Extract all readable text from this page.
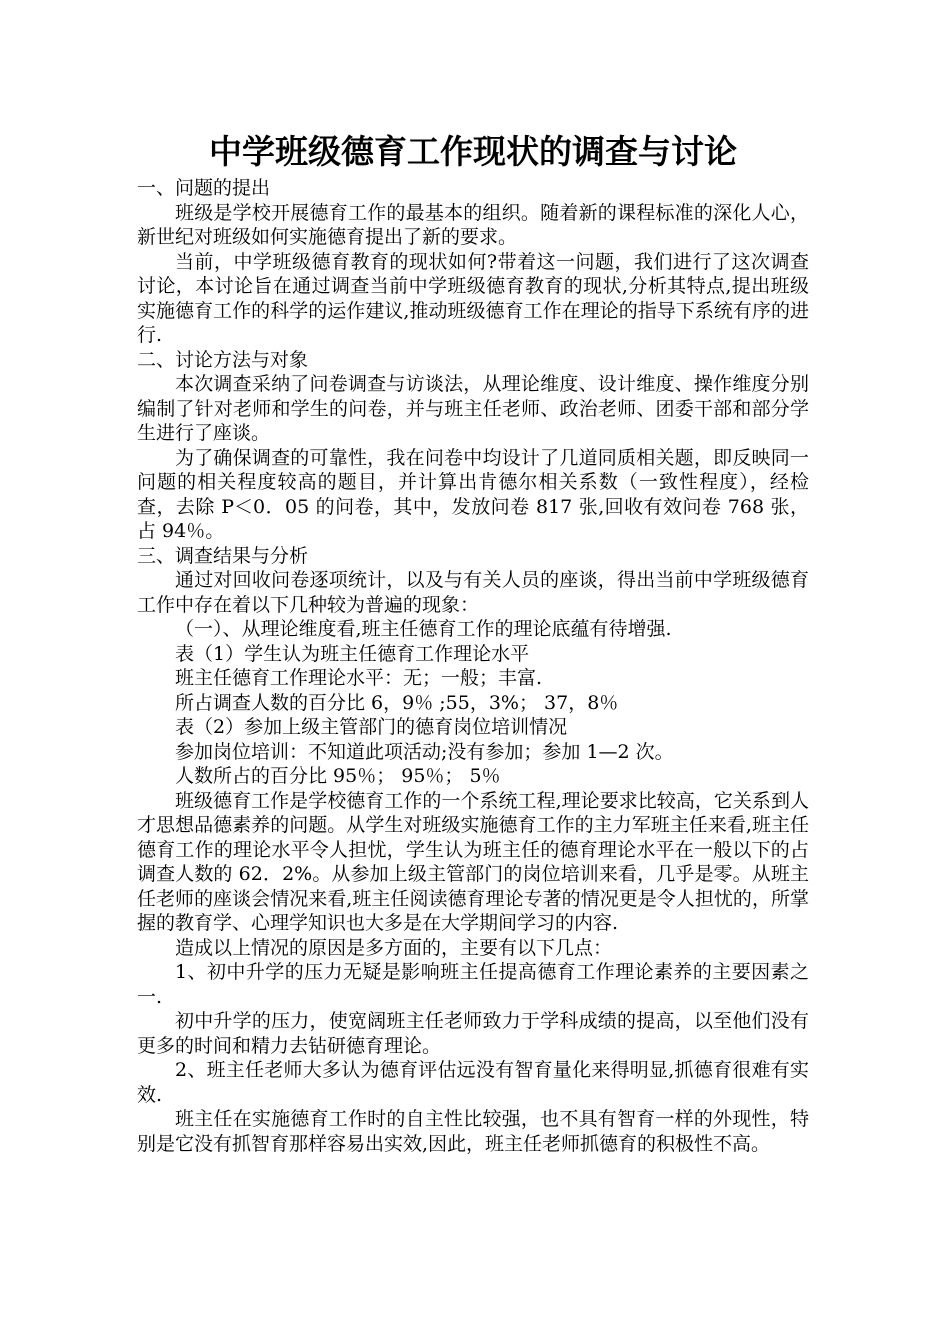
中学班级德育工作现状的调查与讨论

一、问题的提出

班级是学校开展德育工作的最基本的组织。随着新的课程标准的深化人心，新世纪对班级如何实施德育提出了新的要求。

当前，中学班级德育教育的现状如何?带着这一问题，我们进行了这次调查讨论，本讨论旨在通过调查当前中学班级德育教育的现状,分析其特点,提出班级实施德育工作的科学的运作建议,推动班级德育工作在理论的指导下系统有序的进行.

二、讨论方法与对象

本次调查采纳了问卷调查与访谈法，从理论维度、设计维度、操作维度分别编制了针对老师和学生的问卷，并与班主任老师、政治老师、团委干部和部分学生进行了座谈。

为了确保调查的可靠性，我在问卷中均设计了几道同质相关题，即反映同一问题的相关程度较高的题目，并计算出肯德尔相关系数（一致性程度），经检查，去除 P＜0．05 的问卷，其中，发放问卷 817 张,回收有效问卷 768 张，占 94％。

三、调查结果与分析

通过对回收问卷逐项统计，以及与有关人员的座谈，得出当前中学班级德育工作中存在着以下几种较为普遍的现象：

（一）、从理论维度看,班主任德育工作的理论底蕴有待增强.

表（1）学生认为班主任德育工作理论水平

班主任德育工作理论水平：无；一般；丰富.

所占调查人数的百分比 6，9％ ;55，3%； 37，8％

表（2）参加上级主管部门的德育岗位培训情况

参加岗位培训：不知道此项活动;没有参加；参加 1—2 次。

人数所占的百分比 95％； 95％； 5％

班级德育工作是学校德育工作的一个系统工程,理论要求比较高，它关系到人才思想品德素养的问题。从学生对班级实施德育工作的主力军班主任来看,班主任德育工作的理论水平令人担忧，学生认为班主任的德育理论水平在一般以下的占调查人数的 62．2%。从参加上级主管部门的岗位培训来看，几乎是零。从班主任老师的座谈会情况来看,班主任阅读德育理论专著的情况更是令人担忧的，所掌握的教育学、心理学知识也大多是在大学期间学习的内容.

造成以上情况的原因是多方面的，主要有以下几点：

1、初中升学的压力无疑是影响班主任提高德育工作理论素养的主要因素之一.

初中升学的压力，使宽阔班主任老师致力于学科成绩的提高，以至他们没有更多的时间和精力去钻研德育理论。

2、班主任老师大多认为德育评估远没有智育量化来得明显,抓德育很难有实效.

班主任在实施德育工作时的自主性比较强，也不具有智育一样的外现性，特别是它没有抓智育那样容易出实效,因此，班主任老师抓德育的积极性不高。
